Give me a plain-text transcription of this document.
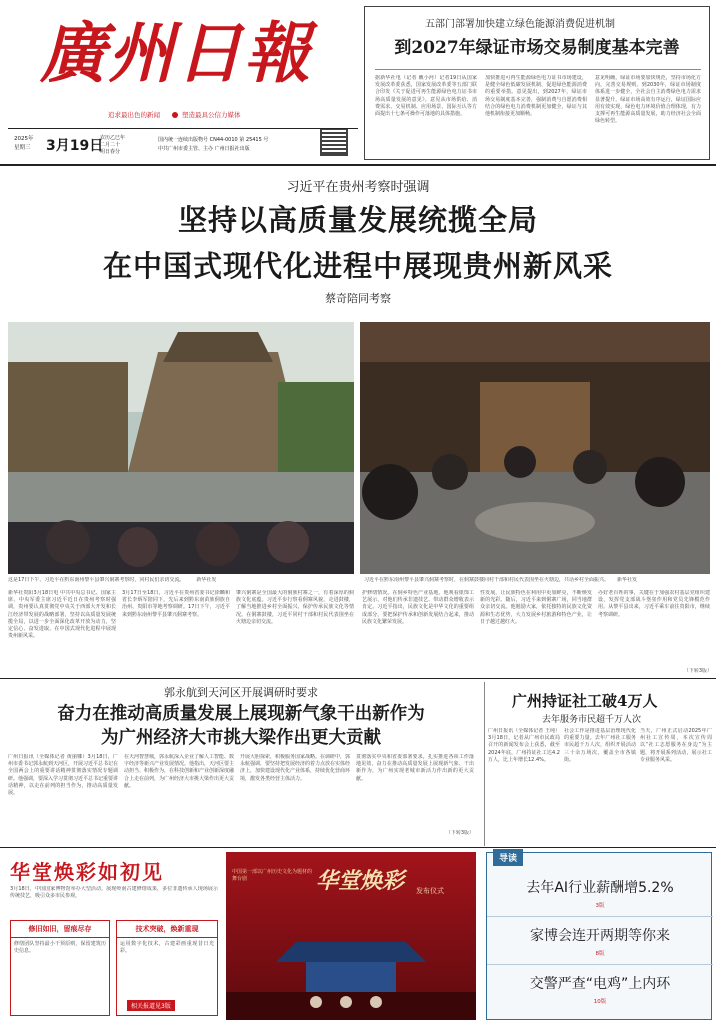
廣州日報
追求最出色的新闻	塑造最具公信力媒体
2025年
星期三 3月19日
农历乙巳年
二月二十
明日春分
国内统一连续出版物号 CN44-0010 第 25415 号
中共广州市委主管、主办 广州日报社出版
五部门部署加快建立绿色能源消费促进机制
到2027年绿证市场交易制度基本完善
据新华社电（记者 戴小河）记者19日从国家发展改革委获悉，国家发展改革委等五部门联合印发《关于促进可再生能源绿色电力证书市场高质量发展的意见》。意见从市场供给、消费需求、交易机制、应用场景、国际互认等方面提出十七条可操作可落地的具体措施。
加快推进可再生能源绿色电力证书市场建设，是健全绿色低碳发展机制、促进绿色能源消费的重要举措。意见提出，到2027年，绿证市场交易制度基本完善，强制消费与自愿消费相结合的绿色电力消费机制更加健全，绿证与其他机制衔接更加顺畅。
意见明确，绿证市场要加快规范，坚持市场化方向，完善交易规则。到2030年，绿证市场制度体系进一步健全，全社会自主消费绿色电力需求显著提升，绿证市场高效有序运行，绿证国际应用有效实现，绿色电力环境价值合理体现，有力支撑可再生能源高质量发展，助力经济社会全面绿色转型。
习近平在贵州考察时强调
坚持以高质量发展统揽全局
在中国式现代化进程中展现贵州新风采
蔡奇陪同考察
这是17日下午，习近平在黔东南州黎平县肇兴侗寨考察时，同村民们亲切交流。 新华社发	习近平在黔东南州黎平县肇兴侗寨考察时，在侗寨鼓楼同村干部和村民代表围坐在火塘边，共话乡村全面振兴。 新华社发
新华社贵阳3月18日电 中共中央总书记、国家主席、中央军委主席习近平近日在贵州考察时强调，贵州要认真贯彻党中央关于西部大开发和长江经济带发展的战略部署，坚持以高质量发展统揽全局，以进一步全面深化改革开放为动力，坚定信心、奋发进取，在中国式现代化进程中展现贵州新风采。
3月17日至18日，习近平在贵州省委书记徐麟和省长李炳军陪同下，先后来到黔东南苗族侗族自治州、贵阳市等地考察调研。17日下午，习近平来到黔东南州黎平县肇兴侗寨考察。
肇兴侗寨是全国最大的侗族村寨之一，有着深厚的侗族文化底蕴。习近平步行察看侗寨风貌，走进鼓楼，了解当地推进乡村全面振兴、保护传承民族文化等情况。在侗寨鼓楼，习近平同村干部和村民代表围坐在火塘边亲切交流。
护修缮情况。在侗乡特色产业基地，他观看银饰工艺展示，对他们传承非遗技艺、带动群众增收表示肯定。习近平指出，民族文化是中华文化的重要组成部分，要把保护传承和创新发展结合起来，推动民族文化繁荣发展。
性发展，让民族特色在利用中更加鲜亮，不断焕发新的光彩。随后，习近平来到侗寨广场，同当地群众亲切交流。他勉励大家，依托独特的民族文化资源和生态优势，大力发展乡村旅游和特色产业，让日子越过越红火。
办好老百姓的事，关键在于加强农村基层党组织建设，发挥党支部战斗堡垒作用和党员先锋模范作用。从黎平县出来，习近平乘车前往贵阳市，继续考察调研。
（下转3版）
郭永航到天河区开展调研时要求
奋力在推动高质量发展上展现新气象干出新作为
为广州经济大市挑大梁作出更大贡献
广州日报讯（全媒体记者 黄丽娜）3月18日，广州市委书记郭永航到天河区，开展习近平总书记在全国两会上的重要讲话精神贯彻落实情况专题调研。他强调，要深入学习贯彻习近平总书记重要讲话精神，以走在前列的担当作为，推动高质量发展。
在天河智慧城，郭永航深入企业了解人工智能、数字经济等新兴产业发展情况。他指出，天河区要主动担当、积极作为，在科技创新和产业创新深度融合上走在前列，为广州经济大市挑大梁作出更大贡献。
开展大胆探索，积极服务国家战略。在调研中，郭永航强调，要坚持把发展经济的着力点放在实体经济上，加快建设现代化产业体系，持续优化营商环境，激发各类经营主体活力。
贯彻落实中央和省委部署要求，扎实推进各项工作落地见效，奋力在推动高质量发展上展现新气象、干出新作为，为广州实现老城市新活力作出新的更大贡献。
（下转3版）
广州持证社工破4万人
去年服务市民超千万人次
广州日报讯（全媒体记者 王纯）3月18日，记者从广州市民政局召开的新闻发布会上获悉，截至2024年底，广州持证社工达4.2万人，比上年增长12.4%。
社会工作是推进基层治理现代化的重要力量。去年广州社工服务市民超千万人次，组织开展活动三十余万场次，覆盖全市各镇街。
当天，广州正式启动2025年广州社工宣传周，本次宣传周以“社工志愿服务在身边”为主题，将开展系列活动，展示社工专业服务风采。
华堂焕彩如初见
3月18日，中国国家博物馆举办大型活动，展现岭南古建修缮成果，多位非遗传承人现场展示传统技艺，吸引众多市民参观。
修旧如旧，留痕尽存
修缮团队坚持最小干预原则，保留建筑历史信息。
技术突破，焕新重现
运用数字化技术，古建彩画重现昔日光彩。
相关报道见3版
中国第一部以广州历史文化为题材的舞台剧	华堂焕彩 发布仪式
导读
去年AI行业薪酬增5.2%
3版
家博会连开两期等你来
8版
交警严查“电鸡”上内环
10版
